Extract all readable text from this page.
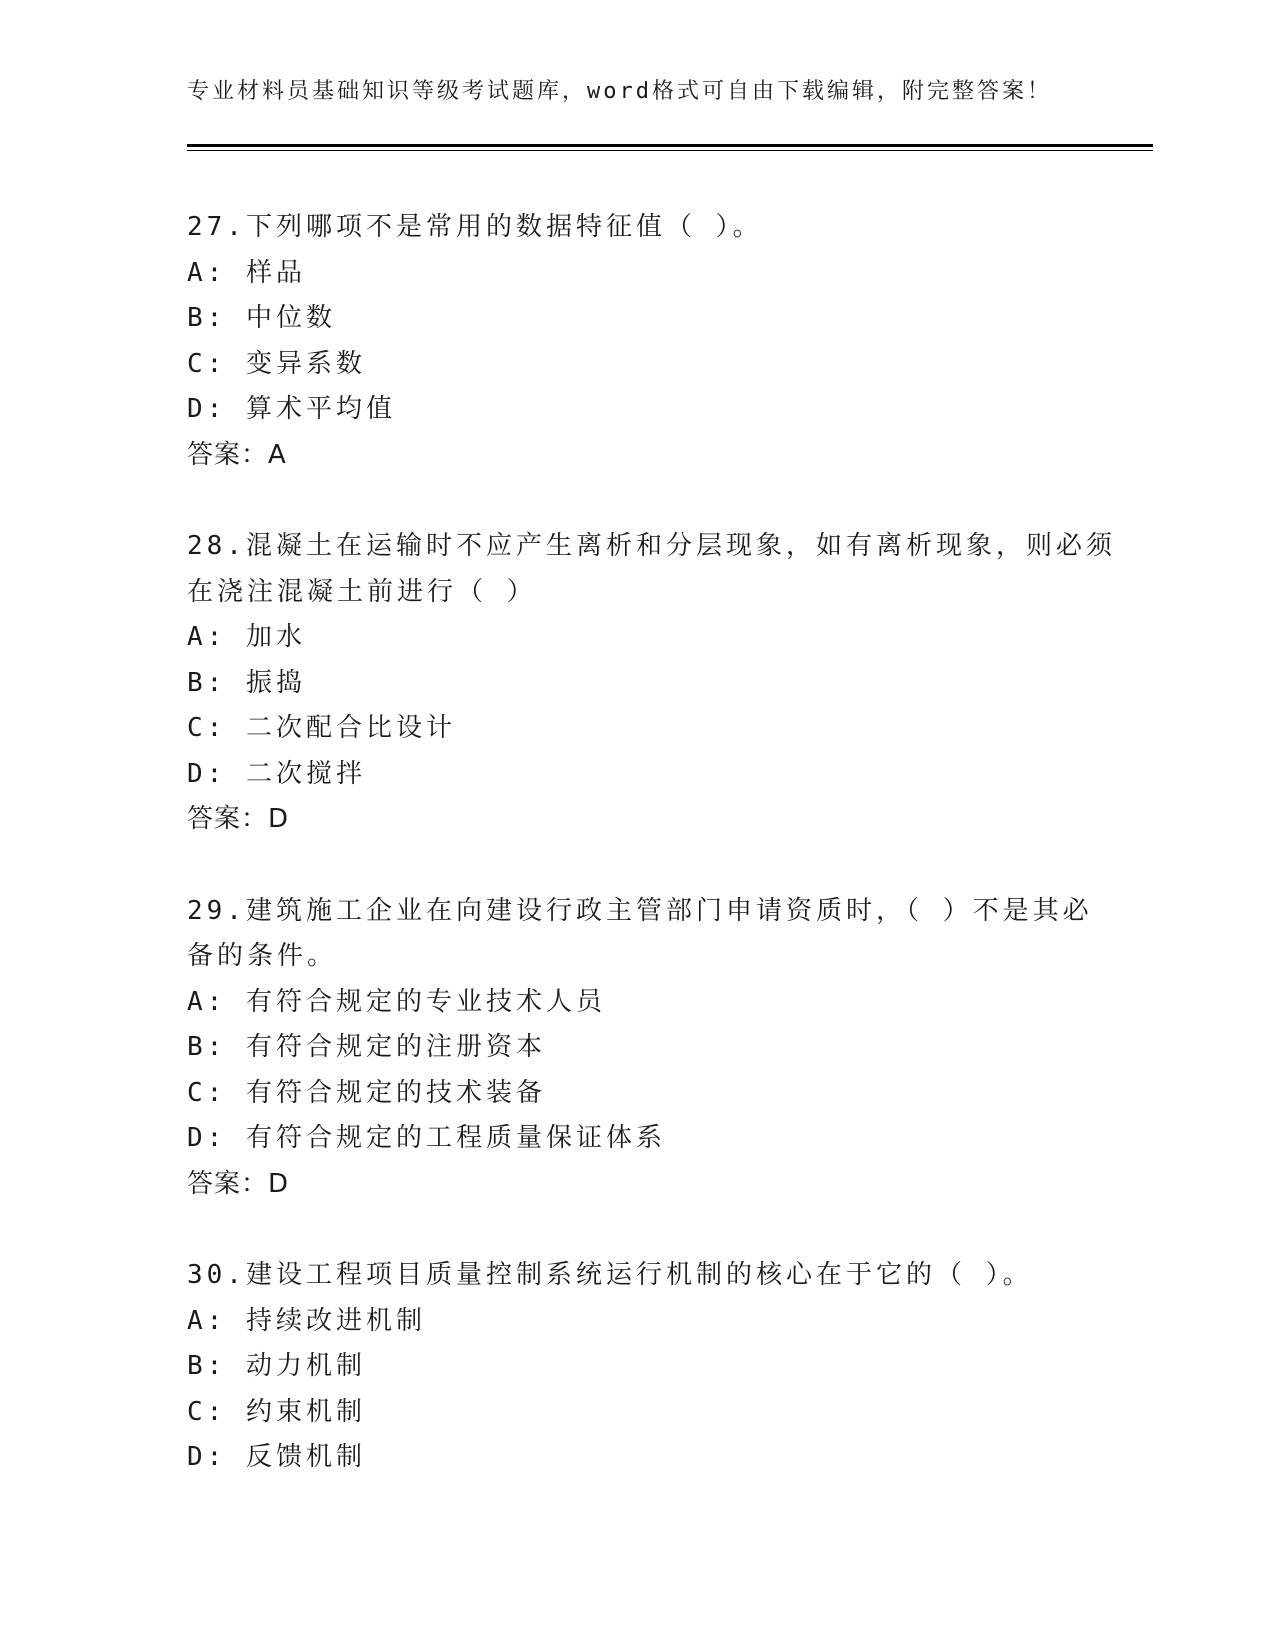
专业材料员基础知识等级考试题库，word格式可自由下载编辑，附完整答案！
27.下列哪项不是常用的数据特征值（ ）。
A: 样品
B: 中位数
C: 变异系数
D: 算术平均值
答案：A
28.混凝土在运输时不应产生离析和分层现象，如有离析现象，则必须
在浇注混凝土前进行（ ）
A: 加水
B: 振捣
C: 二次配合比设计
D: 二次搅拌
答案：D
29.建筑施工企业在向建设行政主管部门申请资质时，（ ）不是其必
备的条件。
A: 有符合规定的专业技术人员
B: 有符合规定的注册资本
C: 有符合规定的技术装备
D: 有符合规定的工程质量保证体系
答案：D
30.建设工程项目质量控制系统运行机制的核心在于它的（ ）。
A: 持续改进机制
B: 动力机制
C: 约束机制
D: 反馈机制
